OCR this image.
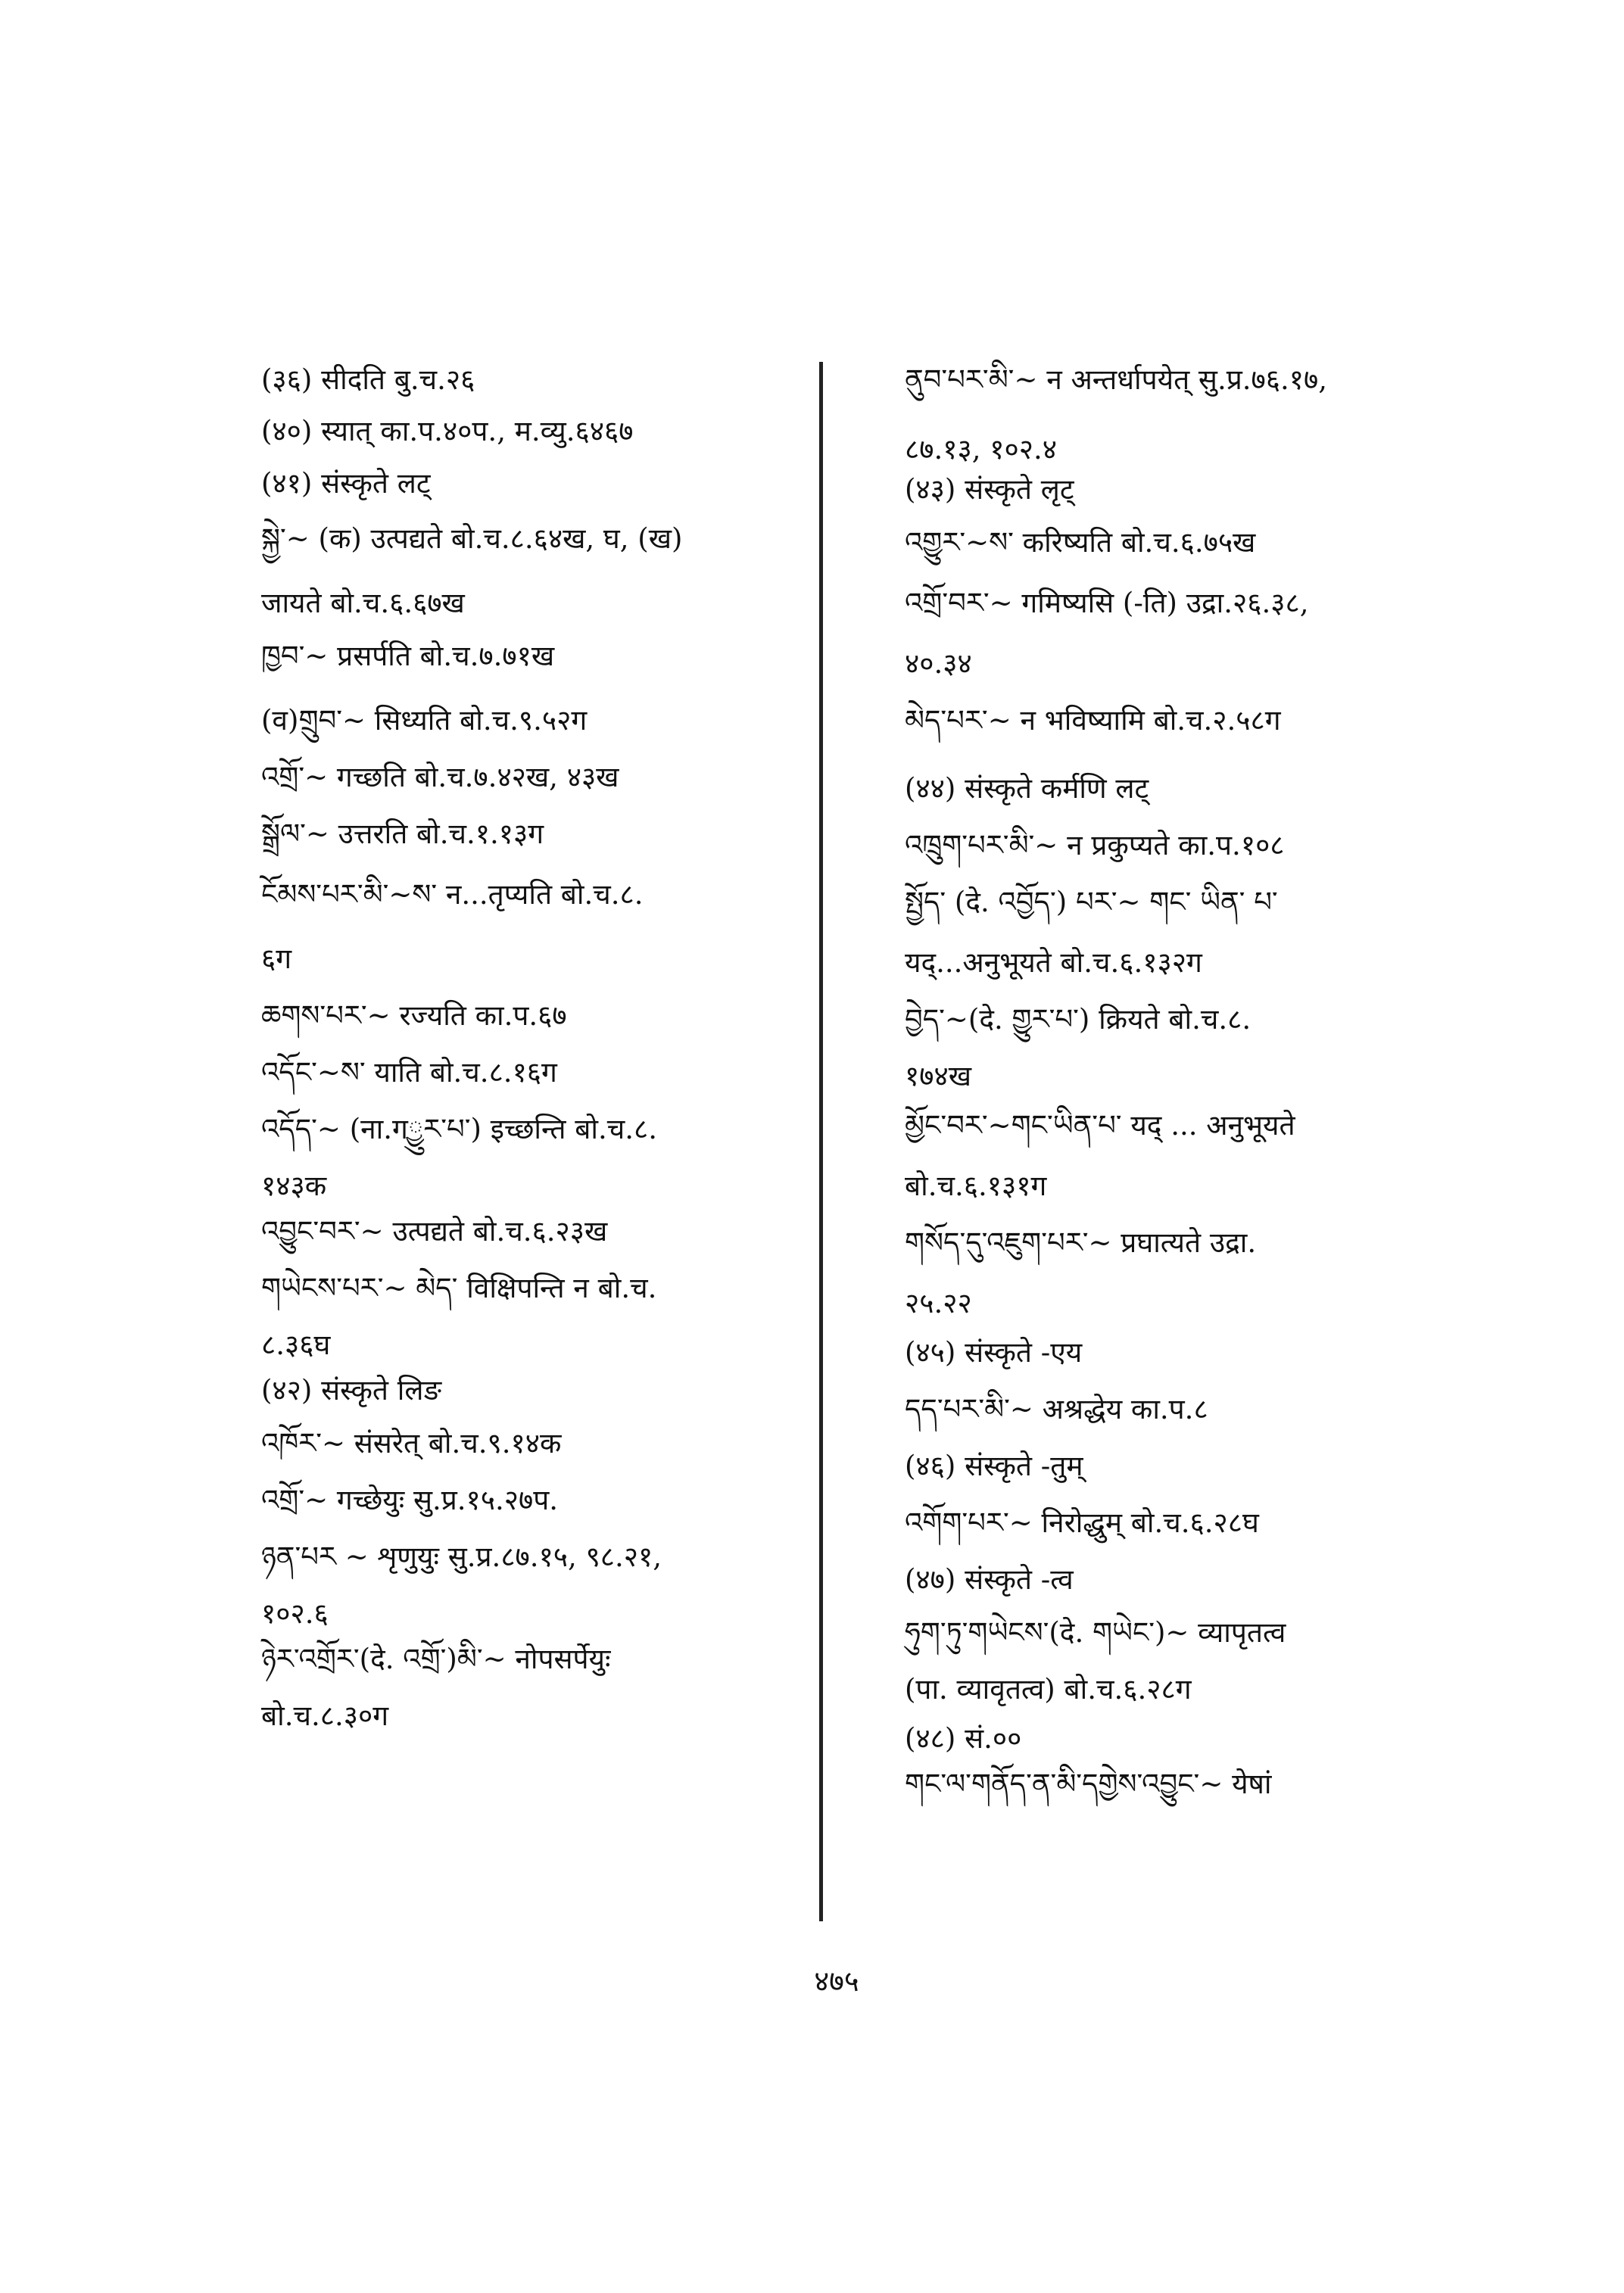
(३६) सीदति बु.च.२६
(४०) स्यात् का.प.४०प., म.व्यु.६४६७
(४१) संस्कृते लट्
སྐྱེ་~ (क) उत्पद्यते बो.च.८.६४ख, घ, (ख)
जायते बो.च.६.६७ख
ཁྱབ་~ प्रसर्पति बो.च.७.७१ख
(व)གྲུབ་~ सिध्यति बो.च.९.५२ग
འགྲོ་~ गच्छति बो.च.७.४२ख, ४३ख
སྒྲོལ་~ उत्तरति बो.च.१.१३ग
ངོམས་པར་མི་~ས་ न...तृप्यति बो.च.८.
६ग
ཆགས་པར་~ रज्यति का.प.६७
འདོང་~ས་ याति बो.च.८.१६ग
འདོད་~ (ना.गྱུར་པ་) इच्छन्ति बो.च.८.
१४३क
འབྱུང་བར་~ उत्पद्यते बो.च.६.२३ख
གཡེངས་པར་~ མེད་ विक्षिपन्ति न बो.च.
८.३६घ
(४२) संस्कृते लिङ
འཁོར་~ संसरेत् बो.च.९.१४क
འགྲོ་~ गच्छेयुः सु.प्र.१५.२७प.
ཉན་པར ~ शृणुयुः सु.प्र.८७.१५, ९८.२१,
१०२.६
ཉེར་འགྲོར་(दे. འགྲོ་)མི་~ नोपसर्पेयुः
बो.च.८.३०ग
ནུབ་པར་མི་~ न अन्तर्धापयेत् सु.प्र.७६.१७,
८७.१३, १०२.४
(४३) संस्कृते लृट्
འགྱུར་~ས་ करिष्यति बो.च.६.७५ख
འགྲོ་བར་~ गमिष्यसि (-ति) उद्रा.२६.३८,
४०.३४
མེད་པར་~ न भविष्यामि बो.च.२.५८ग
(४४) संस्कृते कर्मणि लट्
འཁྲུག་པར་མི་~ न प्रकुप्यते का.प.१०८
སྤྱོད་ (दे. འབྱོད་) པར་~ གང་ ཡིན་ པ་
यद्...अनुभूयते बो.च.६.१३२ग
བྱེད་~(दे. གྱུར་པ་) क्रियते बो.च.८.
१७४ख
མྱོང་བར་~གང་ཡིན་པ་ यद् ... अनुभूयते
बो.च.६.१३१ग
གསོད་དུ་འཇུག་པར་~ प्रघात्यते उद्रा.
२५.२२
(४५) संस्कृते -एय
དད་པར་མི་~ अश्रद्धेय का.प.८
(४६) संस्कृते -तुम्
འགོག་པར་~ निरोद्धुम् बो.च.६.२८घ
(४७) संस्कृते -त्व
ཧུག་ཏུ་གཡེངས་(दे. གཡེང་)~ व्यापृतत्व
(पा. व्यावृतत्व) बो.च.६.२८ग
(४८) सं.००
གང་ལ་གནོད་ན་མི་དགྱེས་འབྱུང་~ येषां
४७५
